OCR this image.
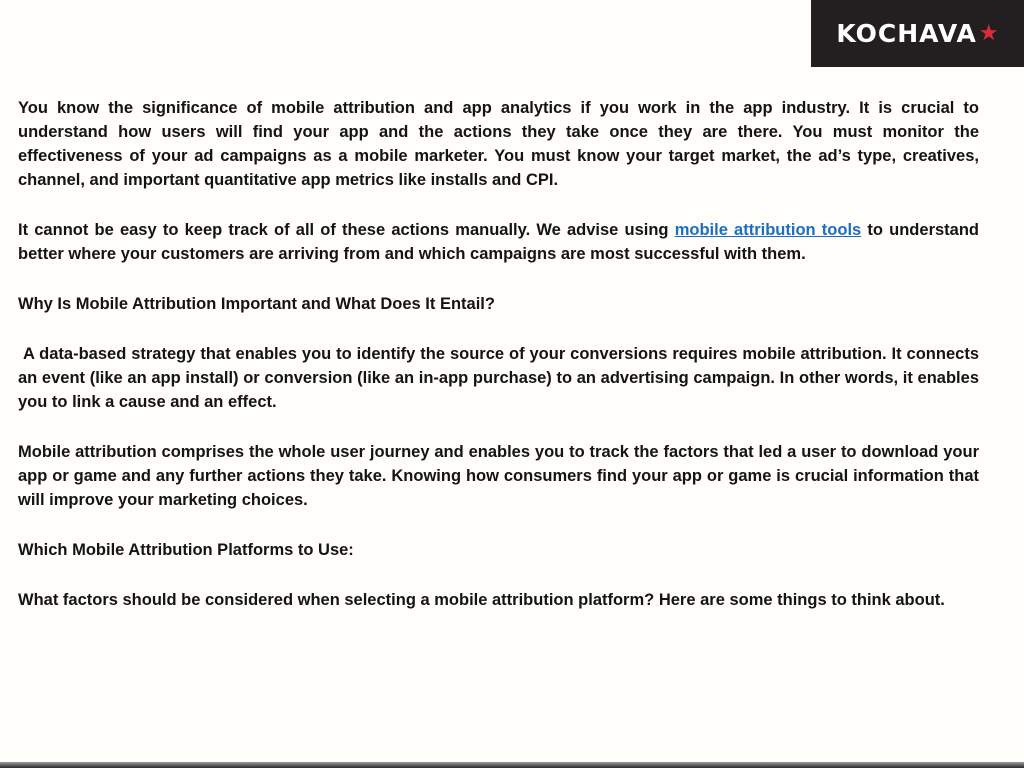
KOCHAVA ★

You know the significance of mobile attribution and app analytics if you work in the app industry. It is crucial to understand how users will find your app and the actions they take once they are there. You must monitor the effectiveness of your ad campaigns as a mobile marketer. You must know your target market, the ad’s type, creatives, channel, and important quantitative app metrics like installs and CPI.

It cannot be easy to keep track of all of these actions manually. We advise using mobile attribution tools to understand better where your customers are arriving from and which campaigns are most successful with them.

Why Is Mobile Attribution Important and What Does It Entail?

A data-based strategy that enables you to identify the source of your conversions requires mobile attribution. It connects an event (like an app install) or conversion (like an in-app purchase) to an advertising campaign. In other words, it enables you to link a cause and an effect.

Mobile attribution comprises the whole user journey and enables you to track the factors that led a user to download your app or game and any further actions they take. Knowing how consumers find your app or game is crucial information that will improve your marketing choices.

Which Mobile Attribution Platforms to Use:

What factors should be considered when selecting a mobile attribution platform? Here are some things to think about.
